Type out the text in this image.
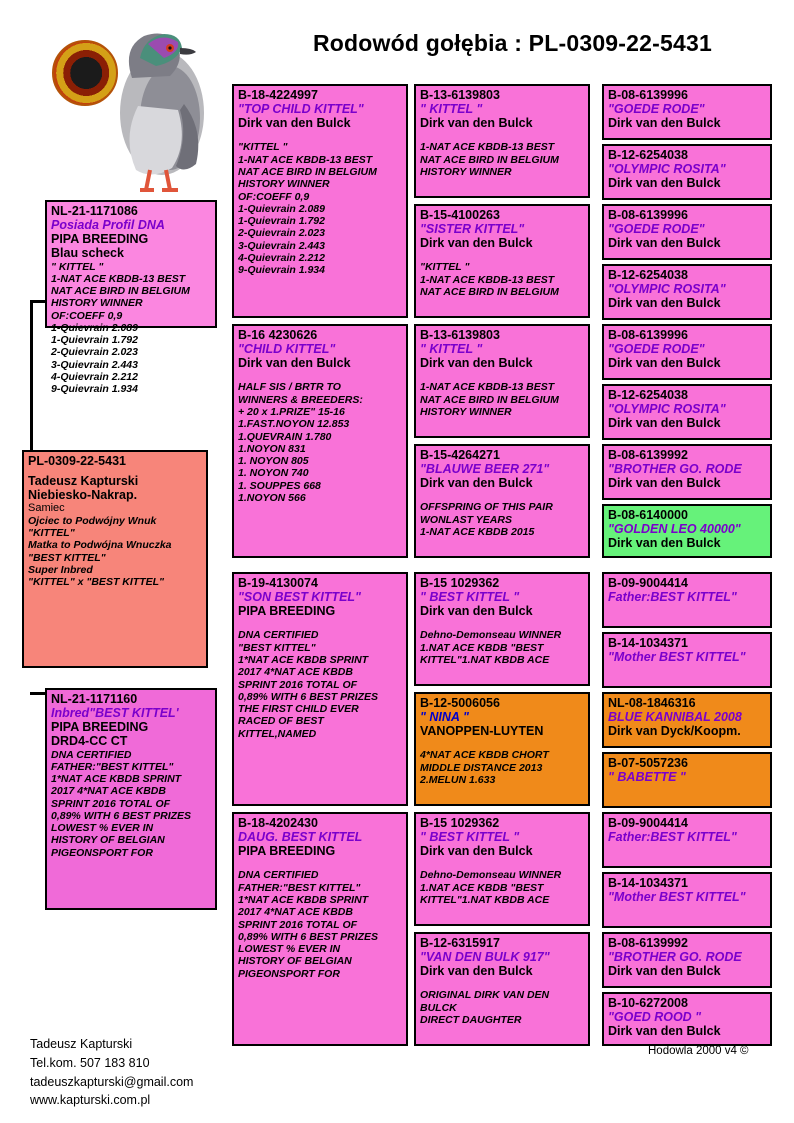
Rodowód gołębia : PL-0309-22-5431
PL-0309-22-5431
Tadeusz Kapturski
Niebiesko-Nakrap.
Samiec
Ojciec to Podwójny Wnuk
"KITTEL"
Matka to Podwójna Wnuczka
"BEST KITTEL"
Super Inbred
"KITTEL" x "BEST KITTEL"
NL-21-1171086
Posiada Profil DNA
PIPA BREEDING
Blau scheck
" KITTEL "
1-NAT ACE KBDB-13 BEST
NAT ACE BIRD IN BELGIUM
HISTORY WINNER
OF:COEFF 0,9
1-Quievrain 2.089
1-Quievrain 1.792
2-Quievrain 2.023
3-Quievrain 2.443
4-Quievrain 2.212
9-Quievrain 1.934
NL-21-1171160
Inbred"BEST KITTEL'
PIPA BREEDING
DRD4-CC CT
DNA CERTIFIED
FATHER:"BEST KITTEL"
1*NAT ACE KBDB SPRINT
2017 4*NAT ACE KBDB
SPRINT 2016 TOTAL OF
0,89% WITH 6 BEST PRIZES
LOWEST % EVER IN
HISTORY OF BELGIAN
PIGEONSPORT FOR
B-18-4224997
"TOP CHILD KITTEL"
Dirk van den Bulck
"KITTEL "
1-NAT ACE KBDB-13 BEST
NAT ACE BIRD IN BELGIUM
HISTORY WINNER
OF:COEFF 0,9
1-Quievrain 2.089
1-Quievrain 1.792
2-Quievrain 2.023
3-Quievrain 2.443
4-Quievrain 2.212
9-Quievrain 1.934
B-16 4230626
"CHILD KITTEL"
Dirk van den Bulck
HALF SIS / BRTR TO
WINNERS & BREEDERS:
+ 20 x 1.PRIZE" 15-16
1.FAST.NOYON 12.853
1.QUEVRAIN 1.780
1.NOYON 831
1. NOYON 805
1. NOYON 740
1. SOUPPES 668
1.NOYON 566
B-19-4130074
"SON BEST KITTEL"
PIPA BREEDING
DNA CERTIFIED
"BEST KITTEL"
1*NAT ACE KBDB SPRINT
2017 4*NAT ACE KBDB
SPRINT 2016 TOTAL OF
0,89% WITH 6 BEST PRIZES
THE FIRST CHILD EVER
RACED OF BEST
KITTEL,NAMED
B-18-4202430
DAUG. BEST KITTEL
PIPA BREEDING
DNA CERTIFIED
FATHER:"BEST KITTEL"
1*NAT ACE KBDB SPRINT
2017 4*NAT ACE KBDB
SPRINT 2016 TOTAL OF
0,89% WITH 6 BEST PRIZES
LOWEST % EVER IN
HISTORY OF BELGIAN
PIGEONSPORT FOR
B-13-6139803
" KITTEL "
Dirk van den Bulck
1-NAT ACE KBDB-13 BEST
NAT ACE BIRD IN BELGIUM
HISTORY WINNER
B-15-4100263
"SISTER KITTEL"
Dirk van den Bulck
"KITTEL "
1-NAT ACE KBDB-13 BEST
NAT ACE BIRD IN BELGIUM
B-13-6139803
" KITTEL "
Dirk van den Bulck
1-NAT ACE KBDB-13 BEST
NAT ACE BIRD IN BELGIUM
HISTORY WINNER
B-15-4264271
"BLAUWE BEER 271"
Dirk van den Bulck
OFFSPRING OF THIS PAIR
WONLAST YEARS
1-NAT ACE KBDB 2015
B-15 1029362
" BEST KITTEL "
Dirk van den Bulck
Dehno-Demonseau WINNER
1.NAT ACE KBDB "BEST
KITTEL"1.NAT KBDB ACE
B-12-5006056
" NINA "
VANOPPEN-LUYTEN
4*NAT ACE KBDB CHORT
MIDDLE DISTANCE 2013
2.MELUN 1.633
B-15 1029362
" BEST KITTEL "
Dirk van den Bulck
Dehno-Demonseau WINNER
1.NAT ACE KBDB "BEST
KITTEL"1.NAT KBDB ACE
B-12-6315917
"VAN DEN BULK 917"
Dirk van den Bulck
ORIGINAL DIRK VAN DEN
BULCK
DIRECT DAUGHTER
B-08-6139996
"GOEDE RODE"
Dirk van den Bulck
B-12-6254038
"OLYMPIC ROSITA"
Dirk van den Bulck
B-08-6139996
"GOEDE RODE"
Dirk van den Bulck
B-12-6254038
"OLYMPIC ROSITA"
Dirk van den Bulck
B-08-6139996
"GOEDE RODE"
Dirk van den Bulck
B-12-6254038
"OLYMPIC ROSITA"
Dirk van den Bulck
B-08-6139992
"BROTHER GO. RODE
Dirk van den Bulck
B-08-6140000
"GOLDEN LEO 40000"
Dirk van den Bulck
B-09-9004414
Father:BEST KITTEL"
B-14-1034371
"Mother BEST KITTEL"
NL-08-1846316
BLUE KANNIBAL 2008
Dirk van Dyck/Koopm.
B-07-5057236
" BABETTE "
B-09-9004414
Father:BEST KITTEL"
B-14-1034371
"Mother BEST KITTEL"
B-08-6139992
"BROTHER GO. RODE
Dirk van den Bulck
B-10-6272008
"GOED ROOD "
Dirk van den Bulck
Tadeusz Kapturski
Tel.kom. 507 183 810
tadeuszkapturski@gmail.com
www.kapturski.com.pl
Hodowla 2000 v4 ©
